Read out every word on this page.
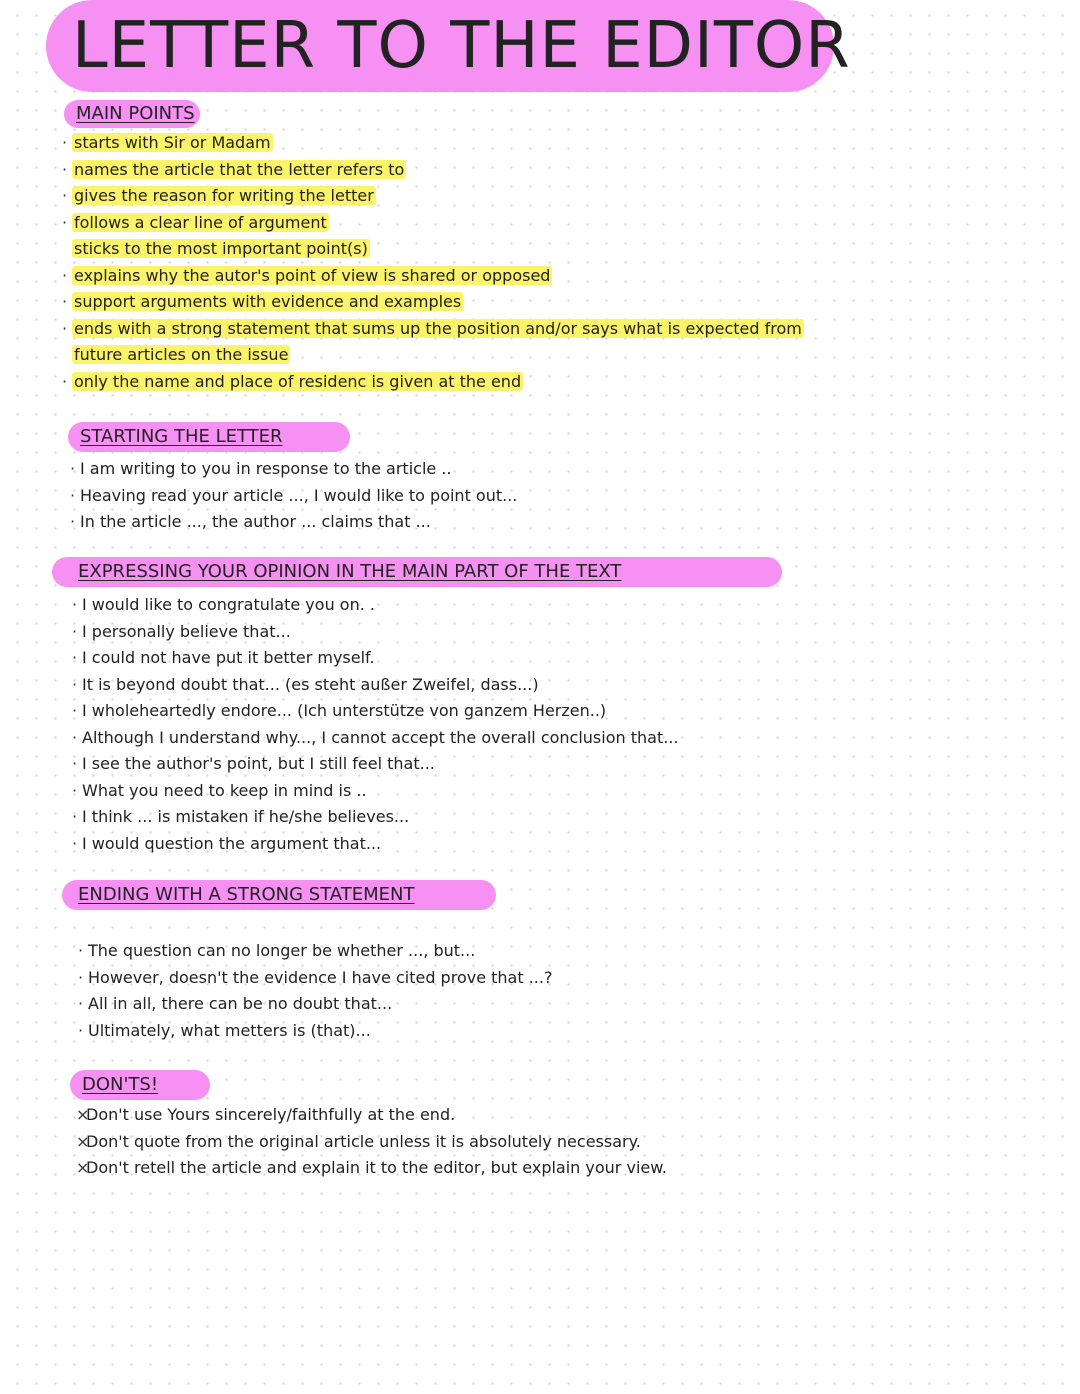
LETTER TO THE EDITOR
MAIN POINTS
· starts with Sir or Madam
· names the article that the letter refers to
· gives the reason for writing the letter
· follows a clear line of argument
sticks to the most important point(s)
· explains why the autor's point of view is shared or opposed
· support arguments with evidence and examples
· ends with a strong statement that sums up the position and/or says what is expected from
future articles on the issue
· only the name and place of residenc is given at the end
STARTING THE LETTER
· I am writing to you in response to the article ..
· Heaving read your article ..., I would like to point out...
· In the article ..., the author ... claims that ...
EXPRESSING YOUR OPINION IN THE MAIN PART OF THE TEXT
· I would like to congratulate you on. .
· I personally believe that...
· I could not have put it better myself.
· It is beyond doubt that... (es steht außer Zweifel, dass...)
· I wholeheartedly endore... (Ich unterstütze von ganzem Herzen..)
· Although I understand why..., I cannot accept the overall conclusion that...
· I see the author's point, but I still feel that...
· What you need to keep in mind is ..
· I think ... is mistaken if he/she believes...
· I would question the argument that...
ENDING WITH A STRONG STATEMENT
· The question can no longer be whether ..., but...
· However, doesn't the evidence I have cited prove that ...?
· All in all, there can be no doubt that...
· Ultimately, what metters is (that)...
DON'TS!
×Don't use Yours sincerely/faithfully at the end.
×Don't quote from the original article unless it is absolutely necessary.
×Don't retell the article and explain it to the editor, but explain your view.
